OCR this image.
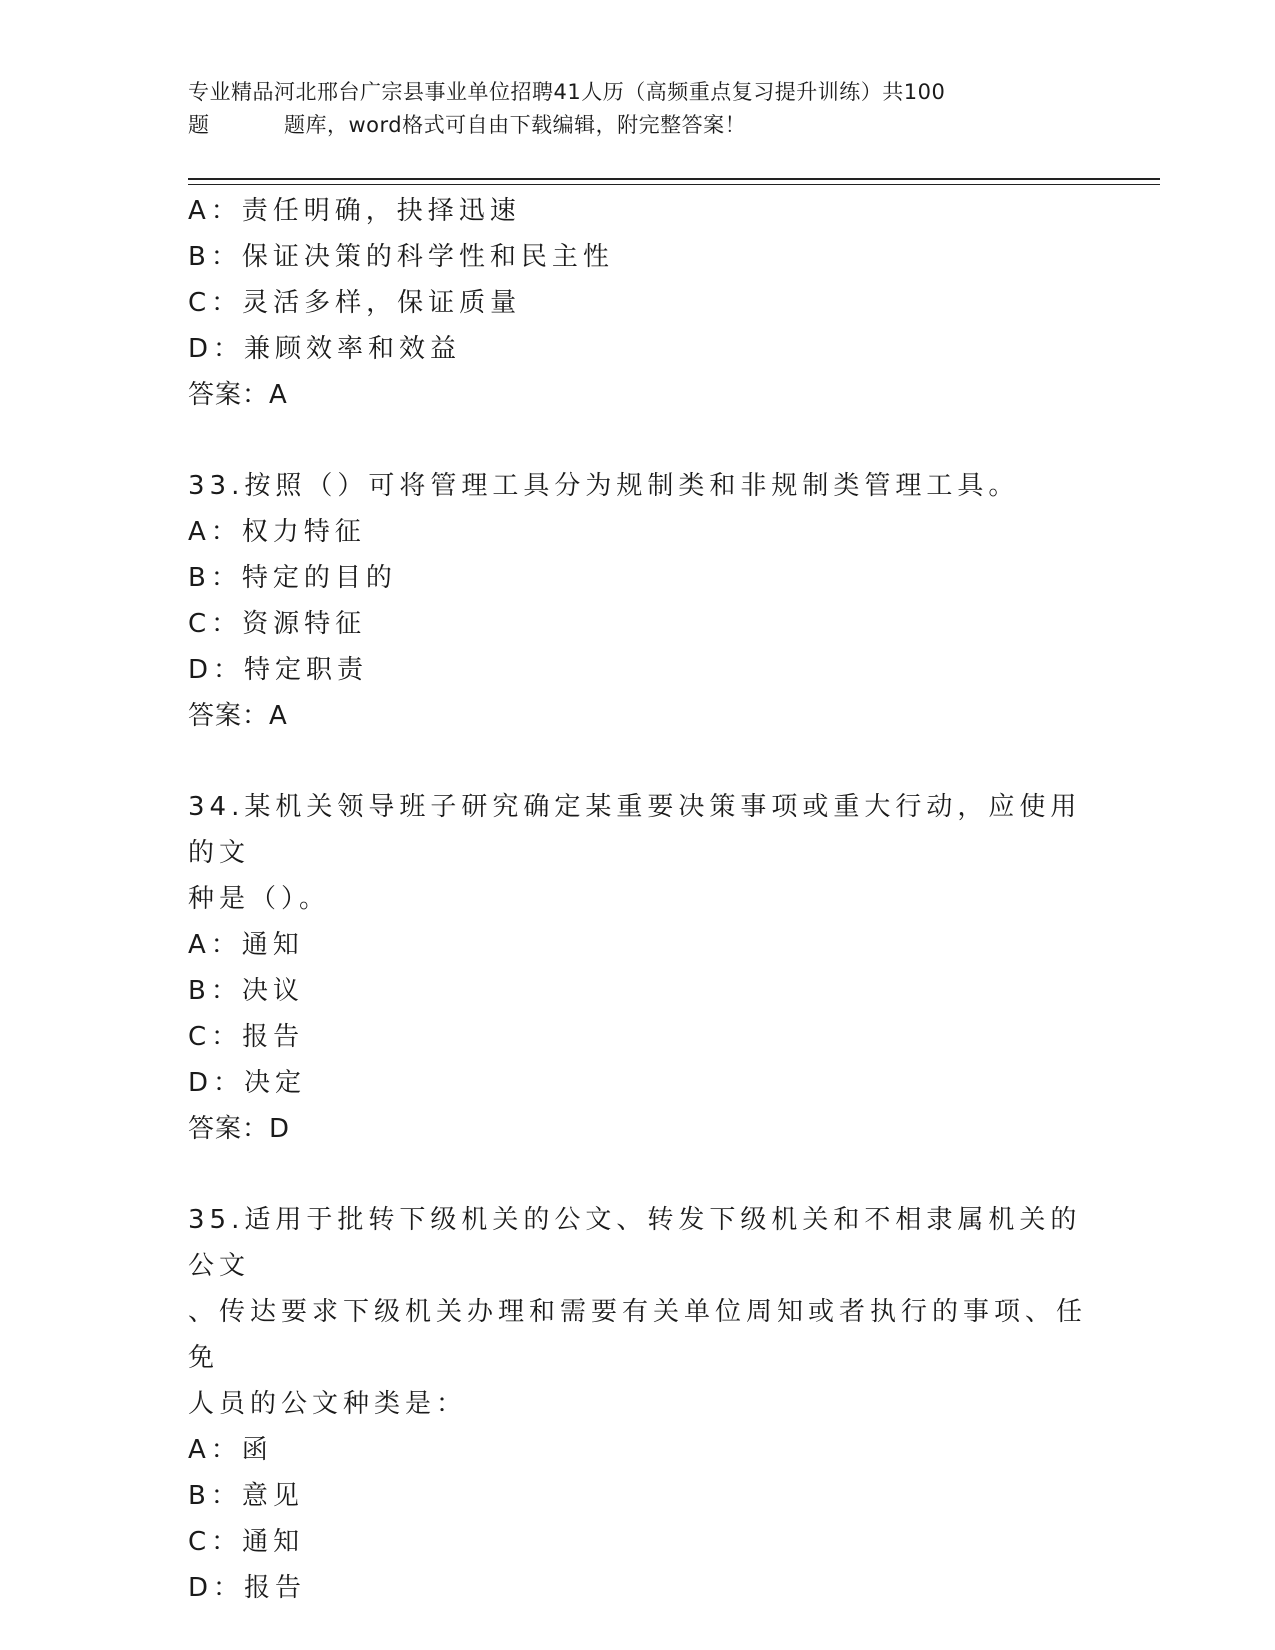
专业精品河北邢台广宗县事业单位招聘41人历（高频重点复习提升训练）共100
题	题库，word格式可自由下载编辑，附完整答案！
A：责任明确，抉择迅速
B：保证决策的科学性和民主性
C：灵活多样，保证质量
D：兼顾效率和效益
答案：A
33.按照（）可将管理工具分为规制类和非规制类管理工具。
A：权力特征
B：特定的目的
C：资源特征
D：特定职责
答案：A
34.某机关领导班子研究确定某重要决策事项或重大行动，应使用的文
种是（）。
A：通知
B：决议
C：报告
D：决定
答案：D
35.适用于批转下级机关的公文、转发下级机关和不相隶属机关的公文
、传达要求下级机关办理和需要有关单位周知或者执行的事项、任免
人员的公文种类是：
A：函
B：意见
C：通知
D：报告
